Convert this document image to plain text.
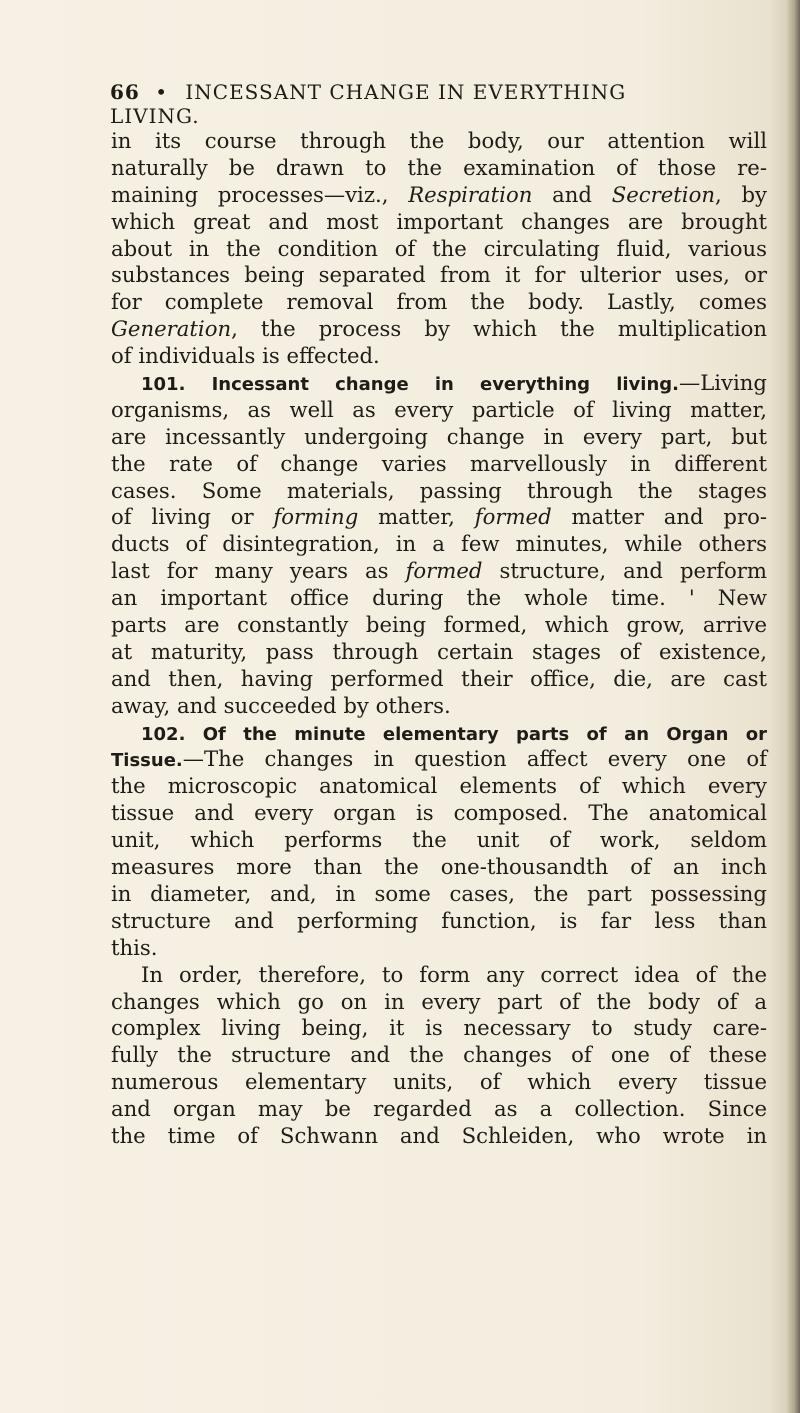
66 • INCESSANT CHANGE IN EVERYTHING LIVING.
in its course through the body, our attention will
naturally be drawn to the examination of those re-
maining processes—viz., Respiration and Secretion, by
which great and most important changes are brought
about in the condition of the circulating fluid, various
substances being separated from it for ulterior uses, or
for complete removal from the body. Lastly, comes
Generation, the process by which the multiplication
of individuals is effected.
101. Incessant change in everything living.—Living
organisms, as well as every particle of living matter,
are incessantly undergoing change in every part, but
the rate of change varies marvellously in different
cases. Some materials, passing through the stages
of living or forming matter, formed matter and pro-
ducts of disintegration, in a few minutes, while others
last for many years as formed structure, and perform
an important office during the whole time. ' New
parts are constantly being formed, which grow, arrive
at maturity, pass through certain stages of existence,
and then, having performed their office, die, are cast
away, and succeeded by others.
102. Of the minute elementary parts of an Organ or
Tissue.—The changes in question affect every one of
the microscopic anatomical elements of which every
tissue and every organ is composed. The anatomical
unit, which performs the unit of work, seldom
measures more than the one-thousandth of an inch
in diameter, and, in some cases, the part possessing
structure and performing function, is far less than
this.
In order, therefore, to form any correct idea of the
changes which go on in every part of the body of a
complex living being, it is necessary to study care-
fully the structure and the changes of one of these
numerous elementary units, of which every tissue
and organ may be regarded as a collection. Since
the time of Schwann and Schleiden, who wrote in
